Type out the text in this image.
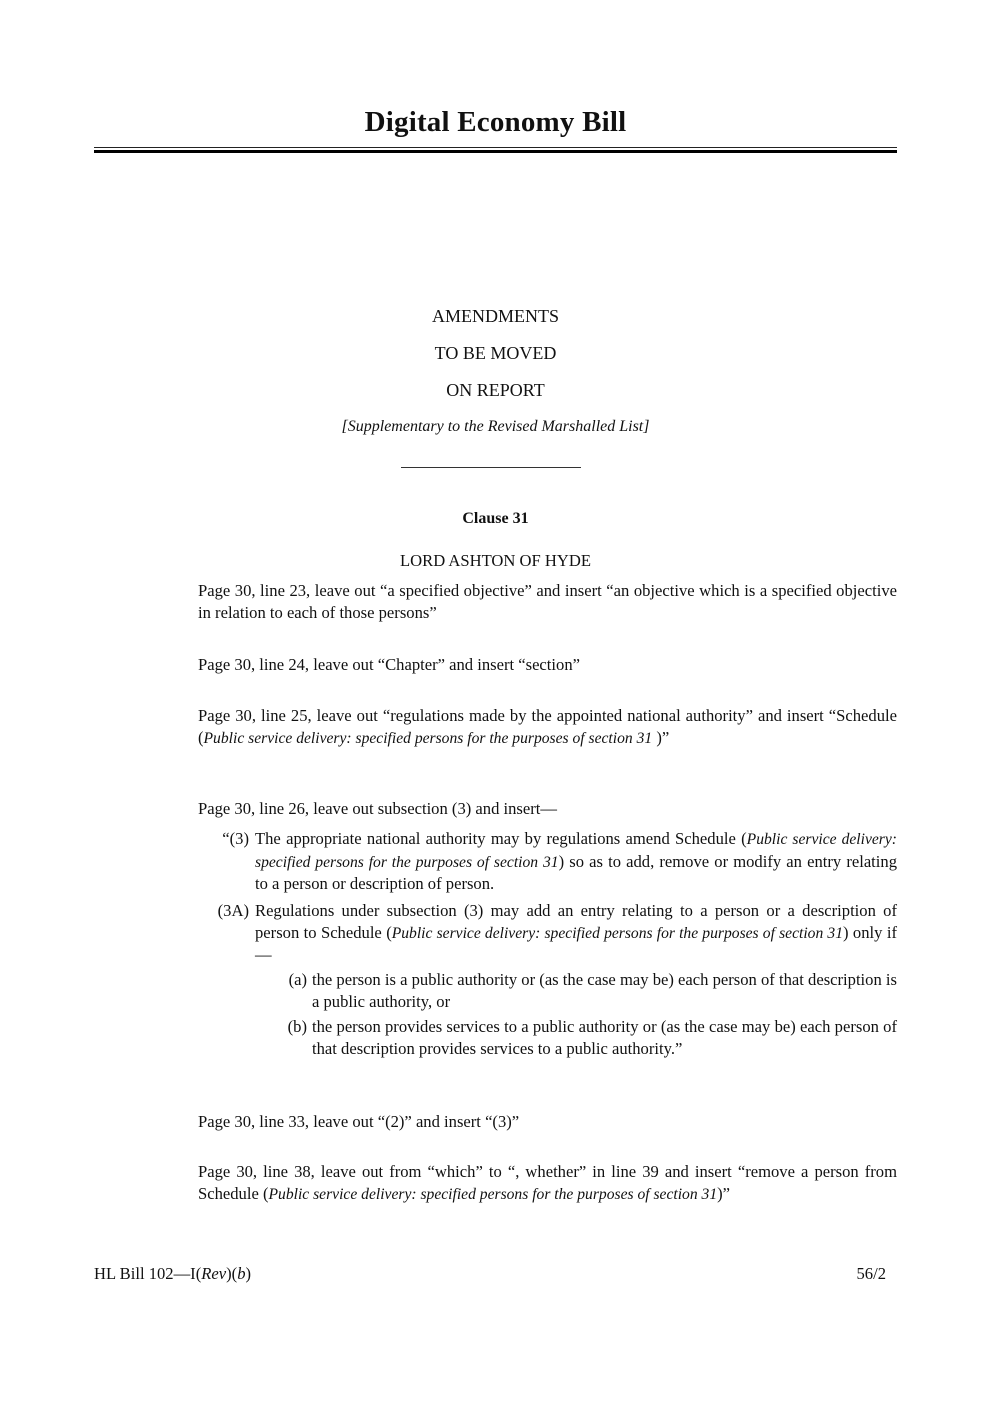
Digital Economy Bill
AMENDMENTS
TO BE MOVED
ON REPORT
[Supplementary to the Revised Marshalled List]
Clause 31
LORD ASHTON OF HYDE
Page 30, line 23, leave out “a specified objective” and insert “an objective which is a specified objective in relation to each of those persons”
Page 30, line 24, leave out “Chapter” and insert “section”
Page 30, line 25, leave out “regulations made by the appointed national authority” and insert “Schedule (Public service delivery: specified persons for the purposes of section 31 )”
Page 30, line 26, leave out subsection (3) and insert—
“(3) The appropriate national authority may by regulations amend Schedule (Public service delivery: specified persons for the purposes of section 31) so as to add, remove or modify an entry relating to a person or description of person.
(3A) Regulations under subsection (3) may add an entry relating to a person or a description of person to Schedule (Public service delivery: specified persons for the purposes of section 31) only if—
(a) the person is a public authority or (as the case may be) each person of that description is a public authority, or
(b) the person provides services to a public authority or (as the case may be) each person of that description provides services to a public authority.”
Page 30, line 33, leave out “(2)” and insert “(3)”
Page 30, line 38, leave out from “which” to “, whether” in line 39 and insert “remove a person from Schedule (Public service delivery: specified persons for the purposes of section 31)”
HL Bill 102—I(Rev)(b)	56/2
